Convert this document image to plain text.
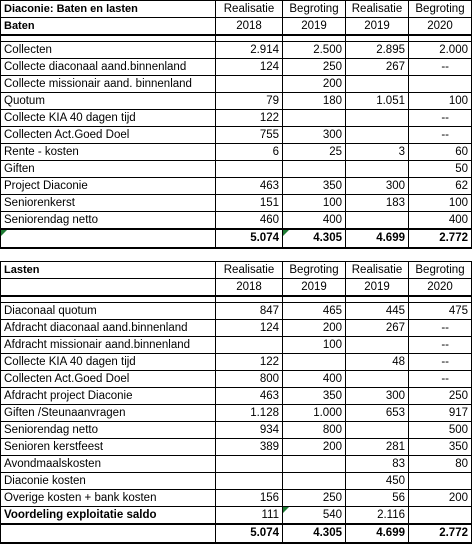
Diaconie: Baten en lasten	Realisatie	Begroting	Realisatie	Begroting
Baten	2018	2019	2019	2020

Collecten	2.914	2.500	2.895	2.000
Collecte diaconaal aand.binnenland	124	250	267	--
Collecte missionair aand. binnenland		200		
Quotum	79	180	1.051	100
Collecte KIA 40 dagen tijd	122			--
Collecten Act.Goed Doel	755	300		--
Rente - kosten	6	25	3	60
Giften				50
Project Diaconie	463	350	300	62
Seniorenkerst	151	100	183	100
Seniorendag netto	460	400		400

	5.074	4.305	4.699	2.772
Lasten	Realisatie	Begroting	Realisatie	Begroting
	2018	2019	2019	2020

Diaconaal quotum	847	465	445	475
Afdracht diaconaal aand.binnenland	124	200	267	--
Afdracht missionair aand.binnenland		100		--
Collecte KIA 40 dagen tijd	122		48	--
Collecten Act.Goed Doel	800	400		--
Afdracht project Diaconie	463	350	300	250
Giften /Steunaanvragen	1.128	1.000	653	917
Seniorendag netto	934	800		500
Senioren kerstfeest	389	200	281	350
Avondmaalskosten			83	80
Diaconie kosten			450	
Overige kosten + bank kosten	156	250	56	200
Voordeling exploitatie saldo	111	540	2.116	
	5.074	4.305	4.699	2.772
